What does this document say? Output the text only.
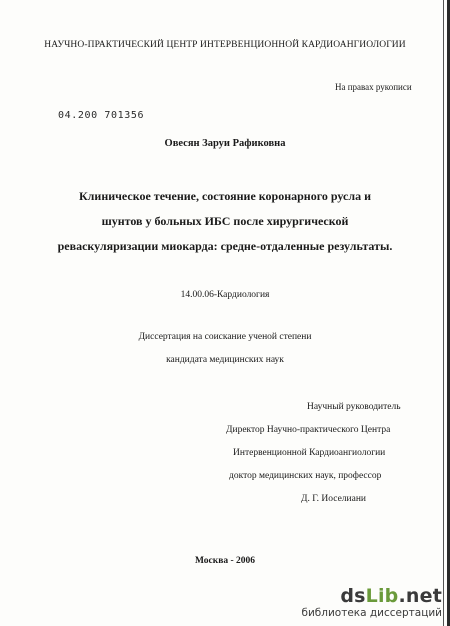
НАУЧНО-ПРАКТИЧЕСКИЙ ЦЕНТР ИНТЕРВЕНЦИОННОЙ КАРДИОАНГИОЛОГИИ
На правах рукописи
04.200 701356
Овесян Заруи Рафиковна
Клиническое течение, состояние коронарного русла и
шунтов у больных ИБС после хирургической
реваскуляризации миокарда: средне-отдаленные результаты.
14.00.06-Кардиология
Диссертация на соискание ученой степени
кандидата медицинских наук
Научный руководитель
Директор Научно-практического Центра
Интервенционной Кардиоангиологии
доктор медицинских наук, профессор
Д. Г. Иоселиани
Москва - 2006
dsLib.net
библиотека диссертаций
